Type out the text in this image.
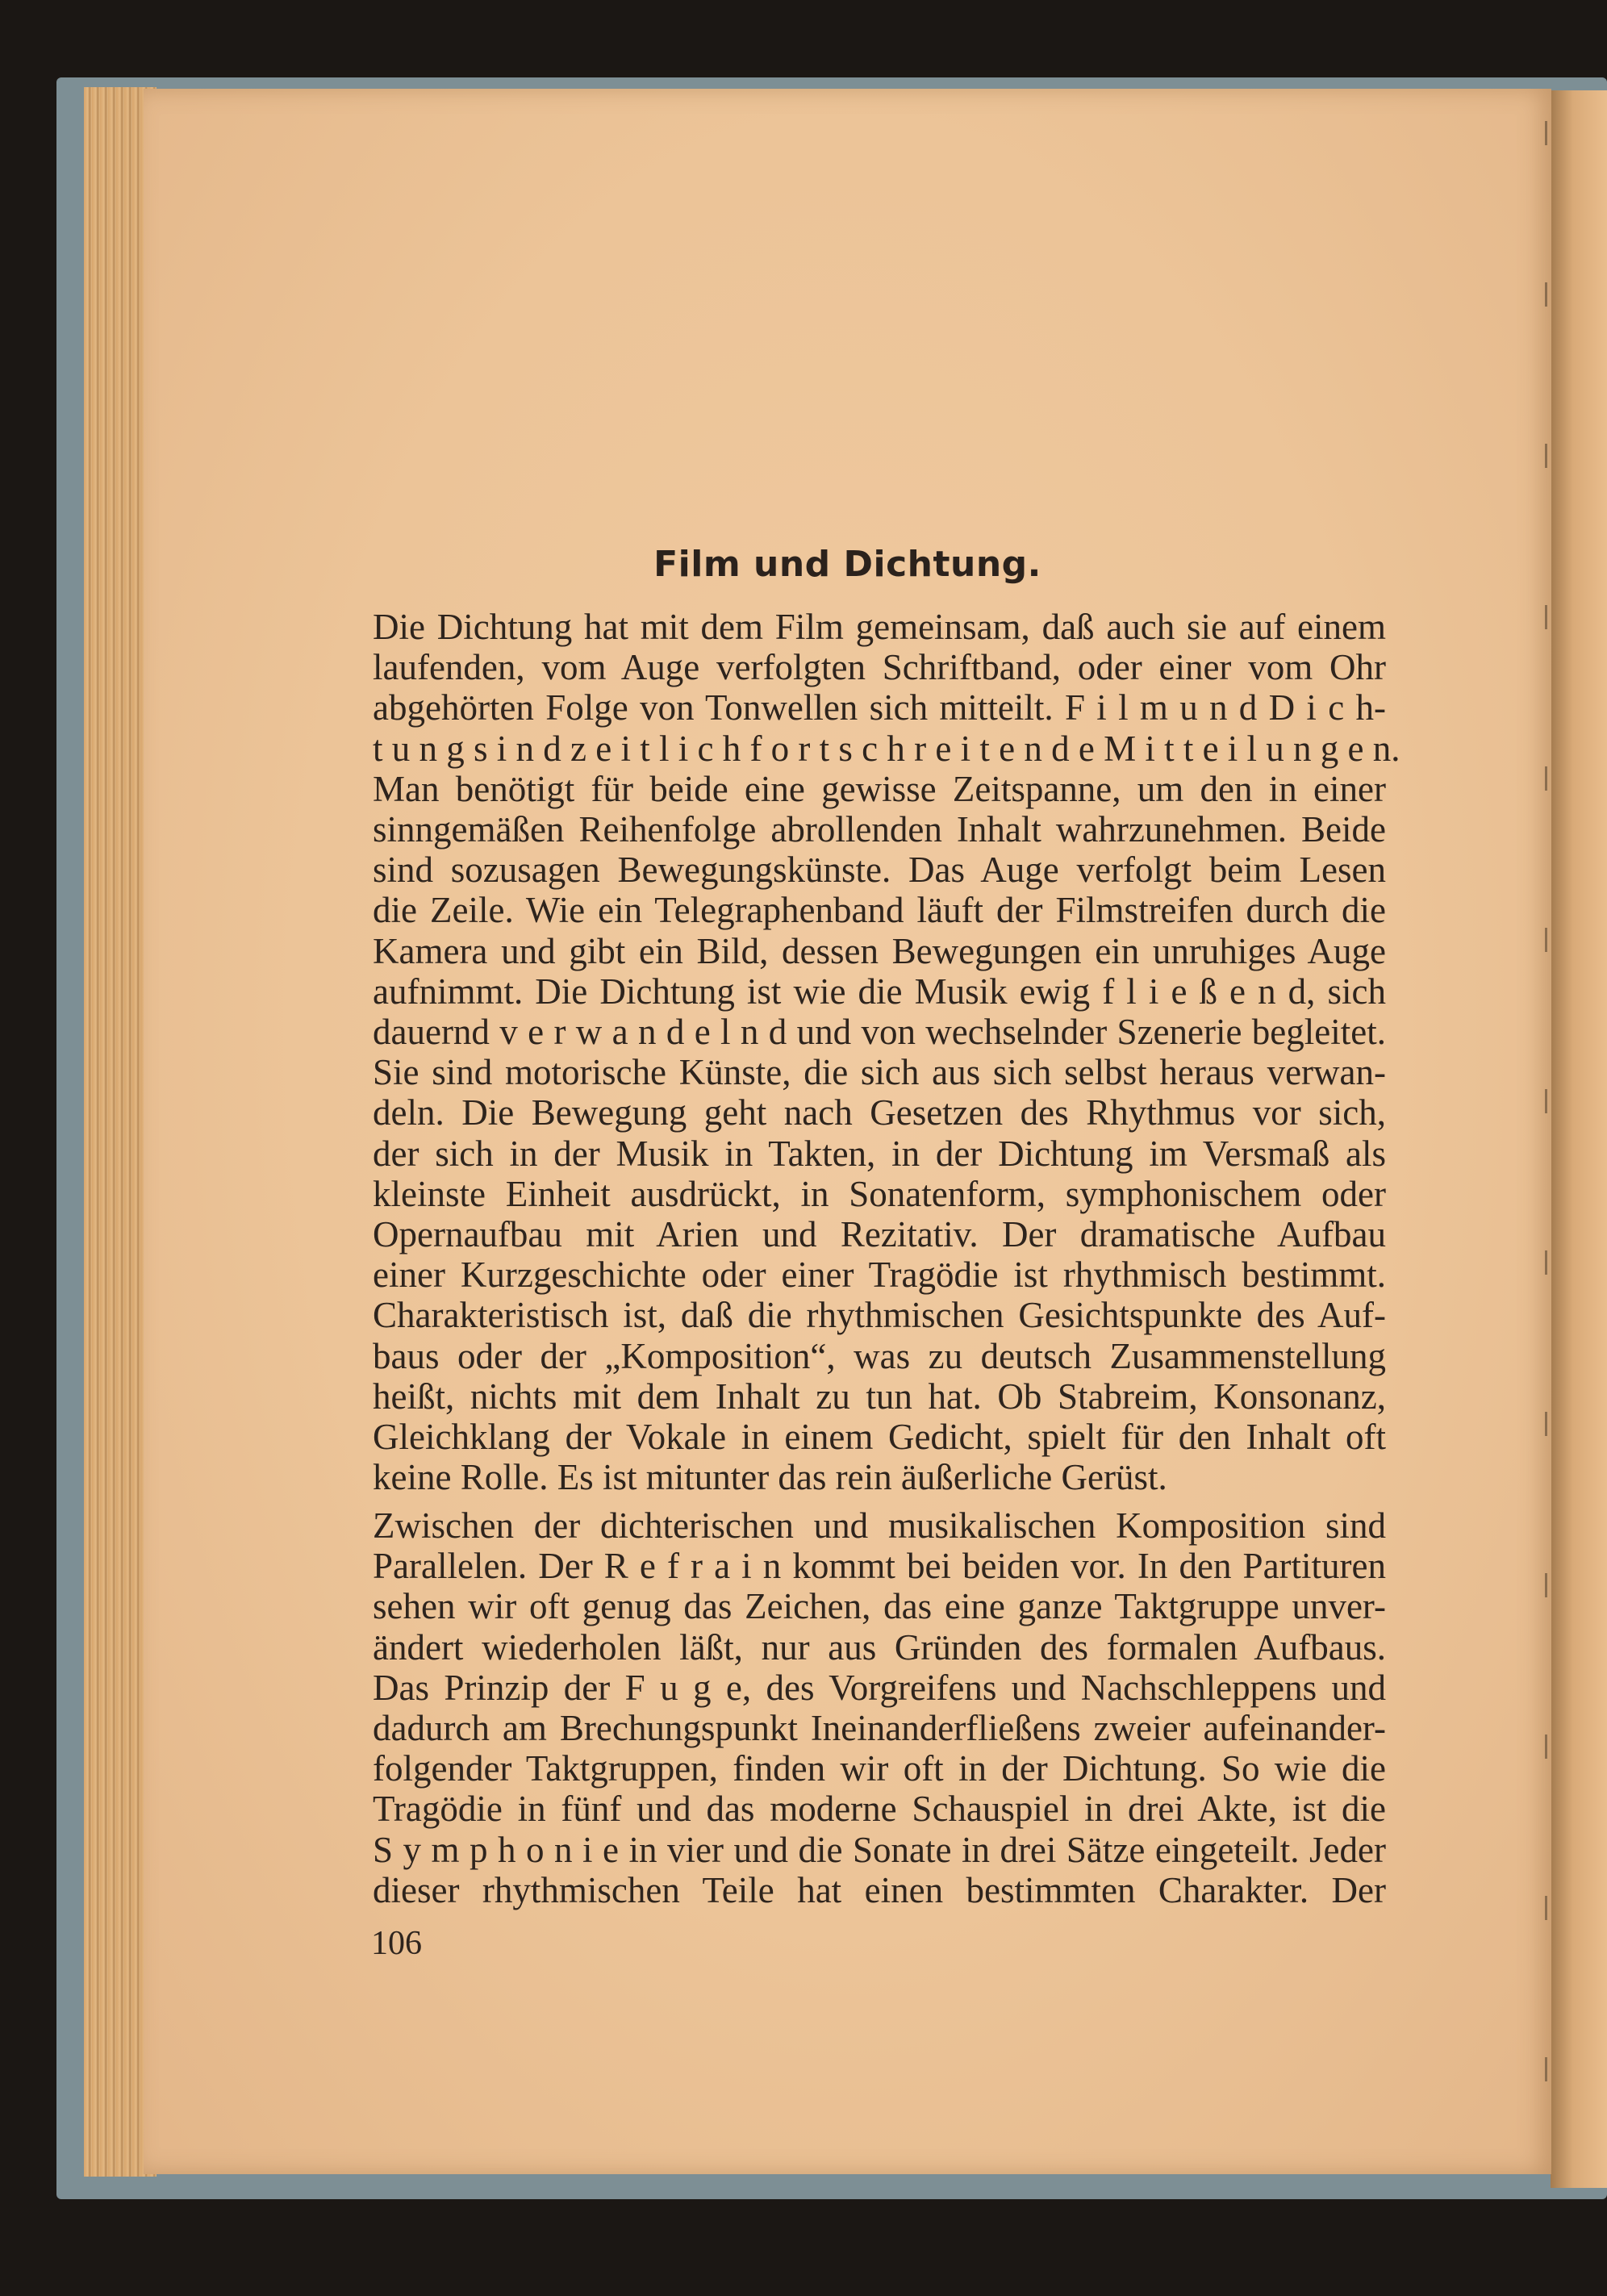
Film und Dichtung.

Die Dichtung hat mit dem Film gemeinsam, daß auch sie auf einem
laufenden, vom Auge verfolgten Schriftband, oder einer vom Ohr
abgehörten Folge von Tonwellen sich mitteilt. F i l m u n d D i c h-
t u n g s i n d z e i t l i c h f o r t s c h r e i t e n d e M i t t e i l u n g e n.
Man benötigt für beide eine gewisse Zeitspanne, um den in einer
sinngemäßen Reihenfolge abrollenden Inhalt wahrzunehmen. Beide
sind sozusagen Bewegungskünste. Das Auge verfolgt beim Lesen
die Zeile. Wie ein Telegraphenband läuft der Filmstreifen durch die
Kamera und gibt ein Bild, dessen Bewegungen ein unruhiges Auge
aufnimmt. Die Dichtung ist wie die Musik ewig f l i e ß e n d, sich
dauernd v e r w a n d e l n d und von wechselnder Szenerie begleitet.
Sie sind motorische Künste, die sich aus sich selbst heraus verwan-
deln. Die Bewegung geht nach Gesetzen des Rhythmus vor sich,
der sich in der Musik in Takten, in der Dichtung im Versmaß als
kleinste Einheit ausdrückt, in Sonatenform, symphonischem oder
Opernaufbau mit Arien und Rezitativ. Der dramatische Aufbau
einer Kurzgeschichte oder einer Tragödie ist rhythmisch bestimmt.
Charakteristisch ist, daß die rhythmischen Gesichtspunkte des Auf-
baus oder der „Komposition“, was zu deutsch Zusammenstellung
heißt, nichts mit dem Inhalt zu tun hat. Ob Stabreim, Konsonanz,
Gleichklang der Vokale in einem Gedicht, spielt für den Inhalt oft
keine Rolle. Es ist mitunter das rein äußerliche Gerüst.

Zwischen der dichterischen und musikalischen Komposition sind
Parallelen. Der R e f r a i n kommt bei beiden vor. In den Partituren
sehen wir oft genug das Zeichen, das eine ganze Taktgruppe unver-
ändert wiederholen läßt, nur aus Gründen des formalen Aufbaus.
Das Prinzip der F u g e, des Vorgreifens und Nachschleppens und
dadurch am Brechungspunkt Ineinanderfließens zweier aufeinander-
folgender Taktgruppen, finden wir oft in der Dichtung. So wie die
Tragödie in fünf und das moderne Schauspiel in drei Akte, ist die
S y m p h o n i e in vier und die Sonate in drei Sätze eingeteilt. Jeder
dieser rhythmischen Teile hat einen bestimmten Charakter. Der

106
